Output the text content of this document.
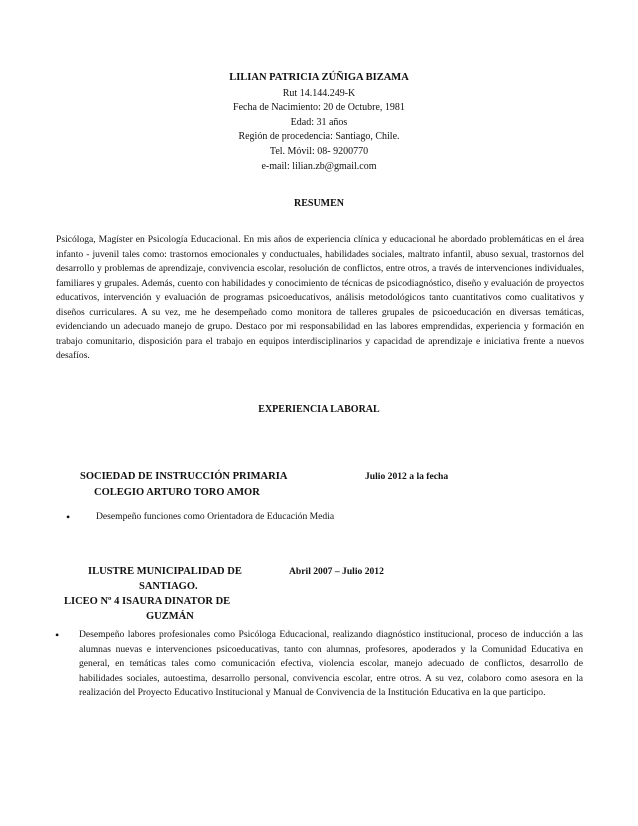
LILIAN PATRICIA ZÚÑIGA BIZAMA
Rut 14.144.249-K
Fecha de Nacimiento: 20 de Octubre, 1981
Edad: 31 años
Región de procedencia: Santiago, Chile.
Tel. Móvil: 08- 9200770
e-mail: lilian.zb@gmail.com
RESUMEN

Psicóloga, Magíster en Psicología Educacional. En mis años de experiencia clínica y educacional he abordado problemáticas en el área infanto - juvenil tales como: trastornos emocionales y conductuales, habilidades sociales, maltrato infantil, abuso sexual, trastornos del desarrollo y problemas de aprendizaje, convivencia escolar, resolución de conflictos, entre otros, a través de intervenciones individuales, familiares y grupales. Además, cuento con habilidades y conocimiento de técnicas de psicodiagnóstico, diseño y evaluación de proyectos educativos, intervención y evaluación de programas psicoeducativos, análisis metodológicos tanto cuantitativos como cualitativos y diseños curriculares. A su vez, me he desempeñado como monitora de talleres grupales de psicoeducación en diversas temáticas, evidenciando un adecuado manejo de grupo. Destaco por mi responsabilidad en las labores emprendidas, experiencia y formación en trabajo comunitario, disposición para el trabajo en equipos interdisciplinarios y capacidad de aprendizaje e iniciativa frente a nuevos desafíos.

EXPERIENCIA LABORAL

SOCIEDAD DE INSTRUCCIÓN PRIMARIA

COLEGIO ARTURO TORO AMOR

Julio 2012 a la fecha

•	Desempeño funciones como Orientadora de Educación Media

ILUSTRE MUNICIPALIDAD DE

SANTIAGO.

LICEO Nº 4 ISAURA DINATOR DE

GUZMÁN

Abril 2007 – Julio 2012

•	Desempeño labores profesionales como Psicóloga Educacional, realizando diagnóstico institucional, proceso de inducción a las alumnas nuevas e intervenciones psicoeducativas, tanto con alumnas, profesores, apoderados y la Comunidad Educativa en general, en temáticas tales como comunicación efectiva, violencia escolar, manejo adecuado de conflictos, desarrollo de habilidades sociales, autoestima, desarrollo personal, convivencia escolar, entre otros. A su vez, colaboro como asesora en la realización del Proyecto Educativo Institucional y Manual de Convivencia de la Institución Educativa en la que participo.
